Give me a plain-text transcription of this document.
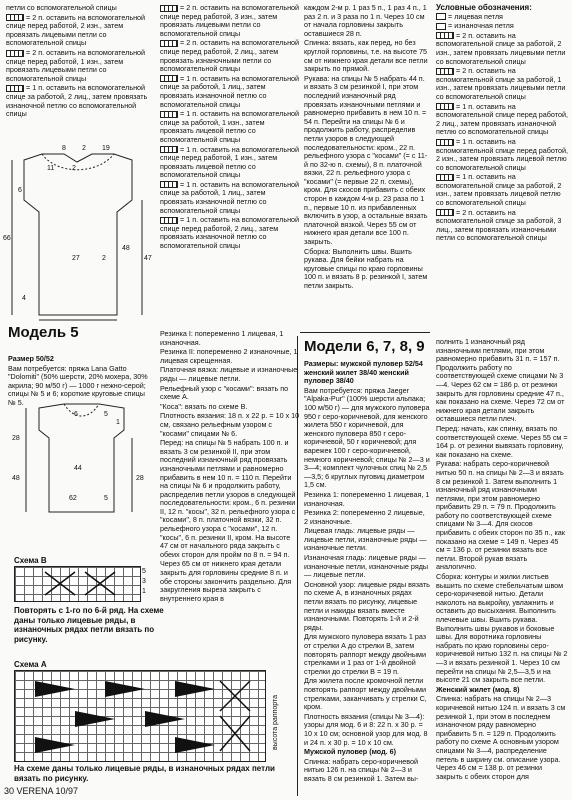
петли со вспомогательной спицы

= 2 п. оставить на вспомогательной спице перед работой, 2 изн., затем провязать лицевыми петли со вспомогательной спицы

= 2 п. оставить на вспомогательной спице перед работой, 1 изн., затем провязать лицевыми петли со вспомогательной спицы

= 1 п. оставить на вспомогательной спице за работой, 2 лиц., затем провязать изнаночной петлю со вспомогательной спицы

8 2 19
11	2
48
66
6
47
27	2
4

= 2 п. оставить на вспомогательной спице перед работой, 3 изн., затем провязать лицевыми петли со вспомогательной спицы

= 2 п. оставить на вспомогательной спице перед работой, 2 лиц., затем провязать изнаночными петли со вспомогательной спицы

= 1 п. оставить на вспомогательной спице за работой, 1 лиц., затем провязать изнаночной петлю со вспомогательной спицы

= 1 п. оставить на вспомогательной спице за работой, 1 изн., затем провязать лицевой петлю со вспомогательной спицы

= 1 п. оставить на вспомогательной спице перед работой, 1 изн., затем провязать лицевой петлю со вспомогательной спицы

= 1 п. оставить на вспомогательной спице за работой, 1 лиц., затем провязать изнаночной петлю со вспомогательной спицы

= 1 п. оставить на вспомогательной спице перед работой, 2 лиц., затем провязать изнаночной петлю со вспомогательной спицы

каждом 2-м р. 1 раз 5 п., 1 раз 4 п., 1 раз 2 п. и 3 раза по 1 п. Через 10 см от начала горловины закрыть оставшиеся 28 п.

Спинка: вязать, как перед, но без круглой горловины, т.е. на высоте 75 см от нижнего края детали все петли закрыть по прямой.

Рукава: на спицы № 5 набрать 44 п. и вязать 3 см резинкой I, при этом последний изнаночный ряд провязать изнаночными петлями и равномерно прибавить в нем 10 п. = 54 п. Перейти на спицы № 6 и продолжить работу, распределив петли узоров в следующей последовательности: кром., 22 п. рельефного узора с "косами" (= с 11-й по 32-ю п. схемы), 8 п. платочной вязки, 22 п. рельефного узора с "косами" (= первые 22 п. схемы), кром. Для скосов прибавить с обеих сторон в каждом 4-м р. 23 раза по 1 п., первые 10 п. из прибавленных включить в узор, а остальные вязать платочной вязкой. Через 55 см от нижнего края детали все 100 п. закрыть.

Сборка: Выполнить швы. Вшить рукава. Для бейки набрать на круговые спицы по краю горловины 100 п. и вязать 8 р. резинкой I, затем петли закрыть.

Условные обозначения:

= лицевая петля

= изнаночная петля

= 2 п. оставить на вспомогательной спице за работой, 2 изн., затем провязать лицевыми петли со вспомогательной спицы

= 2 п. оставить на вспомогательной спице за работой, 1 изн., затем провязать лицевыми петли со вспомогательной спицы

= 1 п. оставить на вспомогательной спице перед работой, 2 лиц., затем провязать изнаночной петлю со вспомогательной спицы

= 1 п. оставить на вспомогательной спице перед работой, 2 изн., затем провязать лицевой петлю со вспомогательной спицы

= 1 п. оставить на вспомогательной спице за работой, 2 изн., затем провязать лицевой петлю со вспомогательной спицы

= 2 п. оставить на вспомогательной спице за работой, 3 лиц., затем провязать изнаночными петли со вспомогательной спицы

Модель 5

Размер 50/52

Вам потребуется: пряжа Lana Gatto "Dolomiti" (50% шерсти, 20% мохера, 30% акрила; 90 м/50 г) — 1000 г нежно-серой; спицы № 5 и 6; короткие круговые спицы № 5.

Резинка I: попеременно 1 лицевая, 1 изнаночная.

Резинка II: попеременно 2 изнаночные, 1 лицевая скрещенная.

Платочная вязка: лицевые и изнаночные ряды — лицевые петли.

Рельефный узор с "косами": вязать по схеме А.

"Коса": вязать по схеме В.

Плотность вязания: 18 п. x 22 р. = 10 x 10 см, связано рельефным узором с "косами" спицами № 6.

Перед: на спицы № 5 набрать 100 п. и вязать 3 см резинкой II, при этом последний изнаночный ряд провязать изнаночными петлями и равномерно прибавить в нем 10 п. = 110 п. Перейти на спицы № 6 и продолжить работу, распределив петли узоров в следующей последовательности: кром., 6 п. резинки II, 12 п. "косы", 32 п. рельефного узора с "косами", 8 п. платочной вязки, 32 п. рельефного узора с "косами", 12 п. "косы", 6 п. резинки II, кром. На высоте 47 см от начального ряда закрыть с обеих сторон для пройм по 8 п. = 94 п.

Через 65 см от нижнего края детали закрыть для горловины средние 8 п. и обе стороны закончить раздельно. Для закругления выреза закрыть с внутреннего края в

6	5
1
28
44
48	28
62	5
Схема В
5
3
1
Повторять с 1-го по 6-й ряд. На схеме даны только лицевые ряды, в изнаночных рядах петли вязать по рисунку.
Схема А
высота раппорта
На схеме даны только лицевые ряды, в изнаночных рядах петли вязать по рисунку.
Модели 6, 7, 8, 9

Размеры: мужской пуловер 52/54 женский жилет 38/40 женский пуловер 38/40

Вам потребуется: пряжа Jaeger "Alpaka-Pur" (100% шерсти альпака; 100 м/50 г) — для мужского пуловера 950 г серо-коричневой, для женского жилета 550 г коричневой, для женского пуловера 850 г серо-коричневой, 50 г коричневой; для варежек 100 г серо-коричневой, немного коричневой; спицы № 2—3 и 3—4; комплект чулочных спиц № 2,5—3,5; 6 круглых пуговиц диаметром 1,5 см.

Резинка 1: попеременно 1 лицевая, 1 изнаночная.

Резинка 2: попеременно 2 лицевые, 2 изнаночные.

Лицевая гладь: лицевые ряды — лицевые петли, изнаночные ряды — изнаночные петли.

Изнаночная гладь: лицевые ряды — изнаночные петли, изнаночные ряды — лицевые петли.

Основной узор: лицевые ряды вязать по схеме А, в изнаночных рядах петли вязать по рисунку, лицевые петли и накиды вязать вместе изнаночными. Повторять 1-й и 2-й ряды.

Для мужского пуловера вязать 1 раз от стрелки А до стрелки В, затем повторять раппорт между двойными стрелками и 1 раз от 1-й двойной стрелки до стрелки В = 19 п.

Для жилета после кромочной петли повторять раппорт между двойными стрелками, заканчивать у стрелки С, кром.

Плотность вязания (спицы № 3—4): узоры для мод. 6 и 8: 22 п. x 30 р. = 10 x 10 см; основной узор для мод. 8 и 24 п. x 30 р. = 10 x 10 см.

Мужской пуловер (мод. 6)

Спинка: набрать серо-коричневой нитью 126 п. на спицы № 2—3 и вязать 8 см резинкой 1. Затем вы-

полнить 1 изнаночный ряд изнаночными петлями, при этом равномерно прибавить 31 п. = 157 п. Продолжить работу по соответствующей схеме спицами № 3—4. Через 62 см = 186 р. от резинки закрыть для горловины средние 47 п., как показано на схеме. Через 72 см от нижнего края детали закрыть оставшиеся петли плеч.

Перед: начать, как спинку, вязать по соответствующей схеме. Через 55 см = 164 р. от резинки вывязать горловину, как показано на схеме.

Рукава: набрать серо-коричневой нитью 50 п. на спицы № 2—3 и вязать 8 см резинкой 1. Затем выполнить 1 изнаночный ряд изнаночными петлями, при этом равномерно прибавить 29 п. = 79 п. Продолжить работу по соответствующей схеме спицами № 3—4. Для скосов прибавить с обеих сторон по 35 п., как показано на схеме = 149 п. Через 45 см = 136 р. от резинки вязать все петли. Второй рукав вязать аналогично.

Сборка: контуры и жилки листьев вышить по схеме стебельчатым швом серо-коричневой нитью. Детали наколоть на выкройку, увлажнить и оставить до высыхания. Выполнить плечевые швы. Вшить рукава. Выполнить швы рукавов и боковые швы. Для воротника горловины набрать по краю горловины серо-коричневой нитью 132 п. на спицы № 2—3 и вязать резинкой 1. Через 10 см перейти на спицы № 2,5—3,5 и на высоте 21 см закрыть все петли.

Женский жилет (мод. 8)

Спинка: набрать на спицы № 2—3 коричневой нитью 124 п. и вязать 3 см резинкой 1, при этом в последнем изнаночном ряду равномерно прибавить 5 п. = 129 п. Продолжить работу по схеме А основным узором спицами № 3—4, распределение петель в ширину см. описание узора. Через 46 см = 138 р. от резинки закрыть с обеих сторон для

30 VERENA 10/97
